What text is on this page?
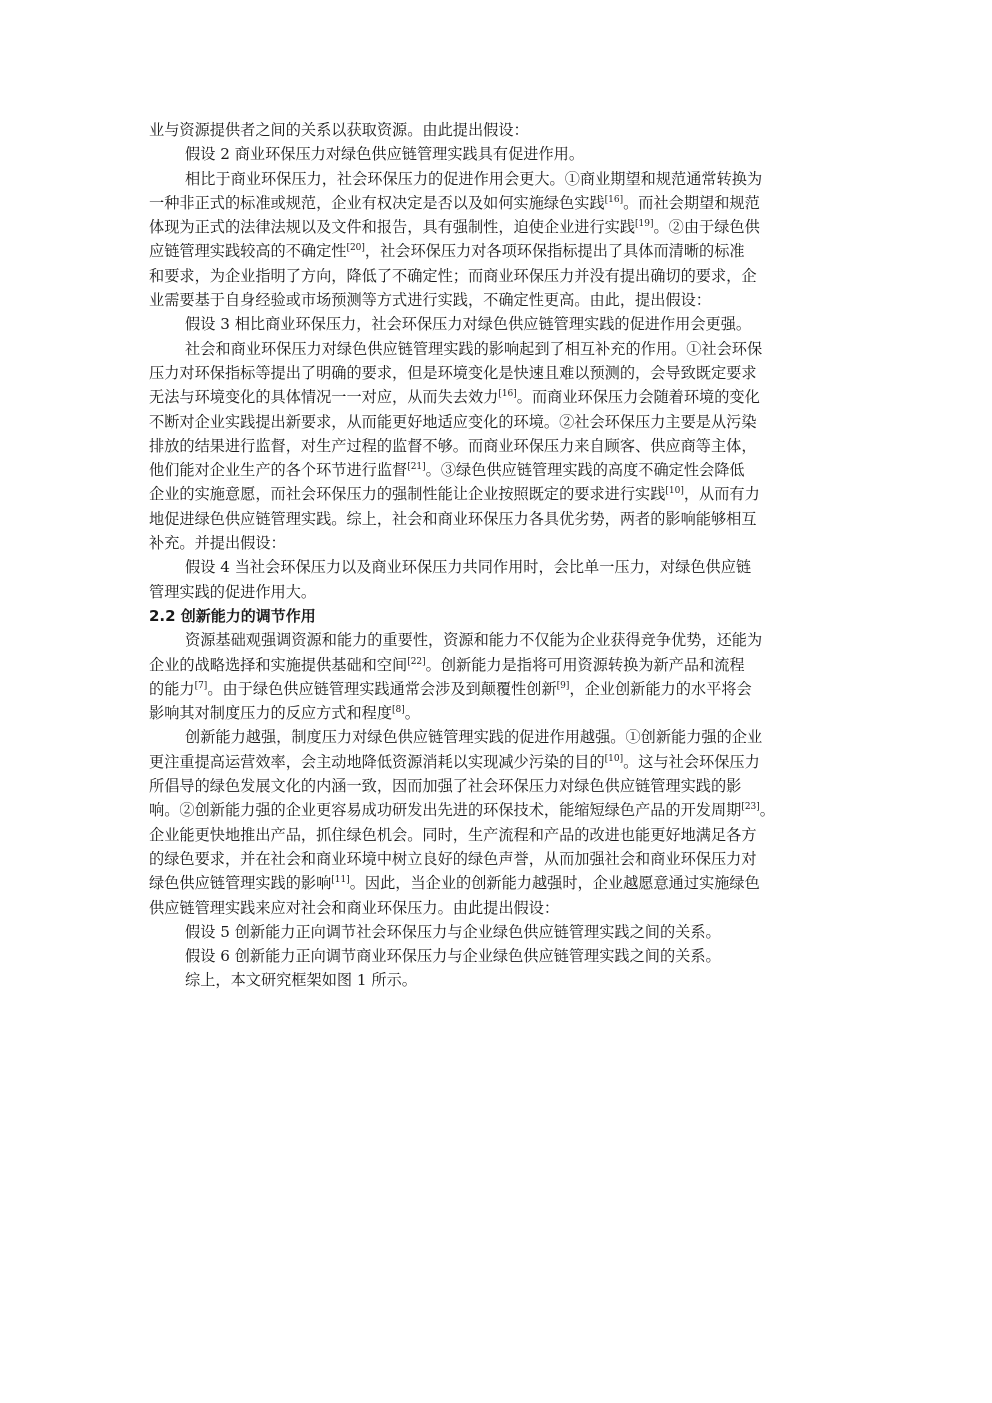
业与资源提供者之间的关系以获取资源。由此提出假设：
假设 2 商业环保压力对绿色供应链管理实践具有促进作用。
相比于商业环保压力，社会环保压力的促进作用会更大。①商业期望和规范通常转换为
一种非正式的标准或规范，企业有权决定是否以及如何实施绿色实践[16]。而社会期望和规范
体现为正式的法律法规以及文件和报告，具有强制性，迫使企业进行实践[19]。②由于绿色供
应链管理实践较高的不确定性[20]，社会环保压力对各项环保指标提出了具体而清晰的标准
和要求，为企业指明了方向，降低了不确定性；而商业环保压力并没有提出确切的要求，企
业需要基于自身经验或市场预测等方式进行实践，不确定性更高。由此，提出假设：
假设 3 相比商业环保压力，社会环保压力对绿色供应链管理实践的促进作用会更强。
社会和商业环保压力对绿色供应链管理实践的影响起到了相互补充的作用。①社会环保
压力对环保指标等提出了明确的要求，但是环境变化是快速且难以预测的，会导致既定要求
无法与环境变化的具体情况一一对应，从而失去效力[16]。而商业环保压力会随着环境的变化
不断对企业实践提出新要求，从而能更好地适应变化的环境。②社会环保压力主要是从污染
排放的结果进行监督，对生产过程的监督不够。而商业环保压力来自顾客、供应商等主体，
他们能对企业生产的各个环节进行监督[21]。③绿色供应链管理实践的高度不确定性会降低
企业的实施意愿，而社会环保压力的强制性能让企业按照既定的要求进行实践[10]，从而有力
地促进绿色供应链管理实践。综上，社会和商业环保压力各具优劣势，两者的影响能够相互
补充。并提出假设：
假设 4 当社会环保压力以及商业环保压力共同作用时，会比单一压力，对绿色供应链
管理实践的促进作用大。
2.2 创新能力的调节作用
资源基础观强调资源和能力的重要性，资源和能力不仅能为企业获得竞争优势，还能为
企业的战略选择和实施提供基础和空间[22]。创新能力是指将可用资源转换为新产品和流程
的能力[7]。由于绿色供应链管理实践通常会涉及到颠覆性创新[9]，企业创新能力的水平将会
影响其对制度压力的反应方式和程度[8]。
创新能力越强，制度压力对绿色供应链管理实践的促进作用越强。①创新能力强的企业
更注重提高运营效率，会主动地降低资源消耗以实现减少污染的目的[10]。这与社会环保压力
所倡导的绿色发展文化的内涵一致，因而加强了社会环保压力对绿色供应链管理实践的影
响。②创新能力强的企业更容易成功研发出先进的环保技术，能缩短绿色产品的开发周期[23]。
企业能更快地推出产品，抓住绿色机会。同时，生产流程和产品的改进也能更好地满足各方
的绿色要求，并在社会和商业环境中树立良好的绿色声誉，从而加强社会和商业环保压力对
绿色供应链管理实践的影响[11]。因此，当企业的创新能力越强时，企业越愿意通过实施绿色
供应链管理实践来应对社会和商业环保压力。由此提出假设：
假设 5 创新能力正向调节社会环保压力与企业绿色供应链管理实践之间的关系。
假设 6 创新能力正向调节商业环保压力与企业绿色供应链管理实践之间的关系。
综上，本文研究框架如图 1 所示。
